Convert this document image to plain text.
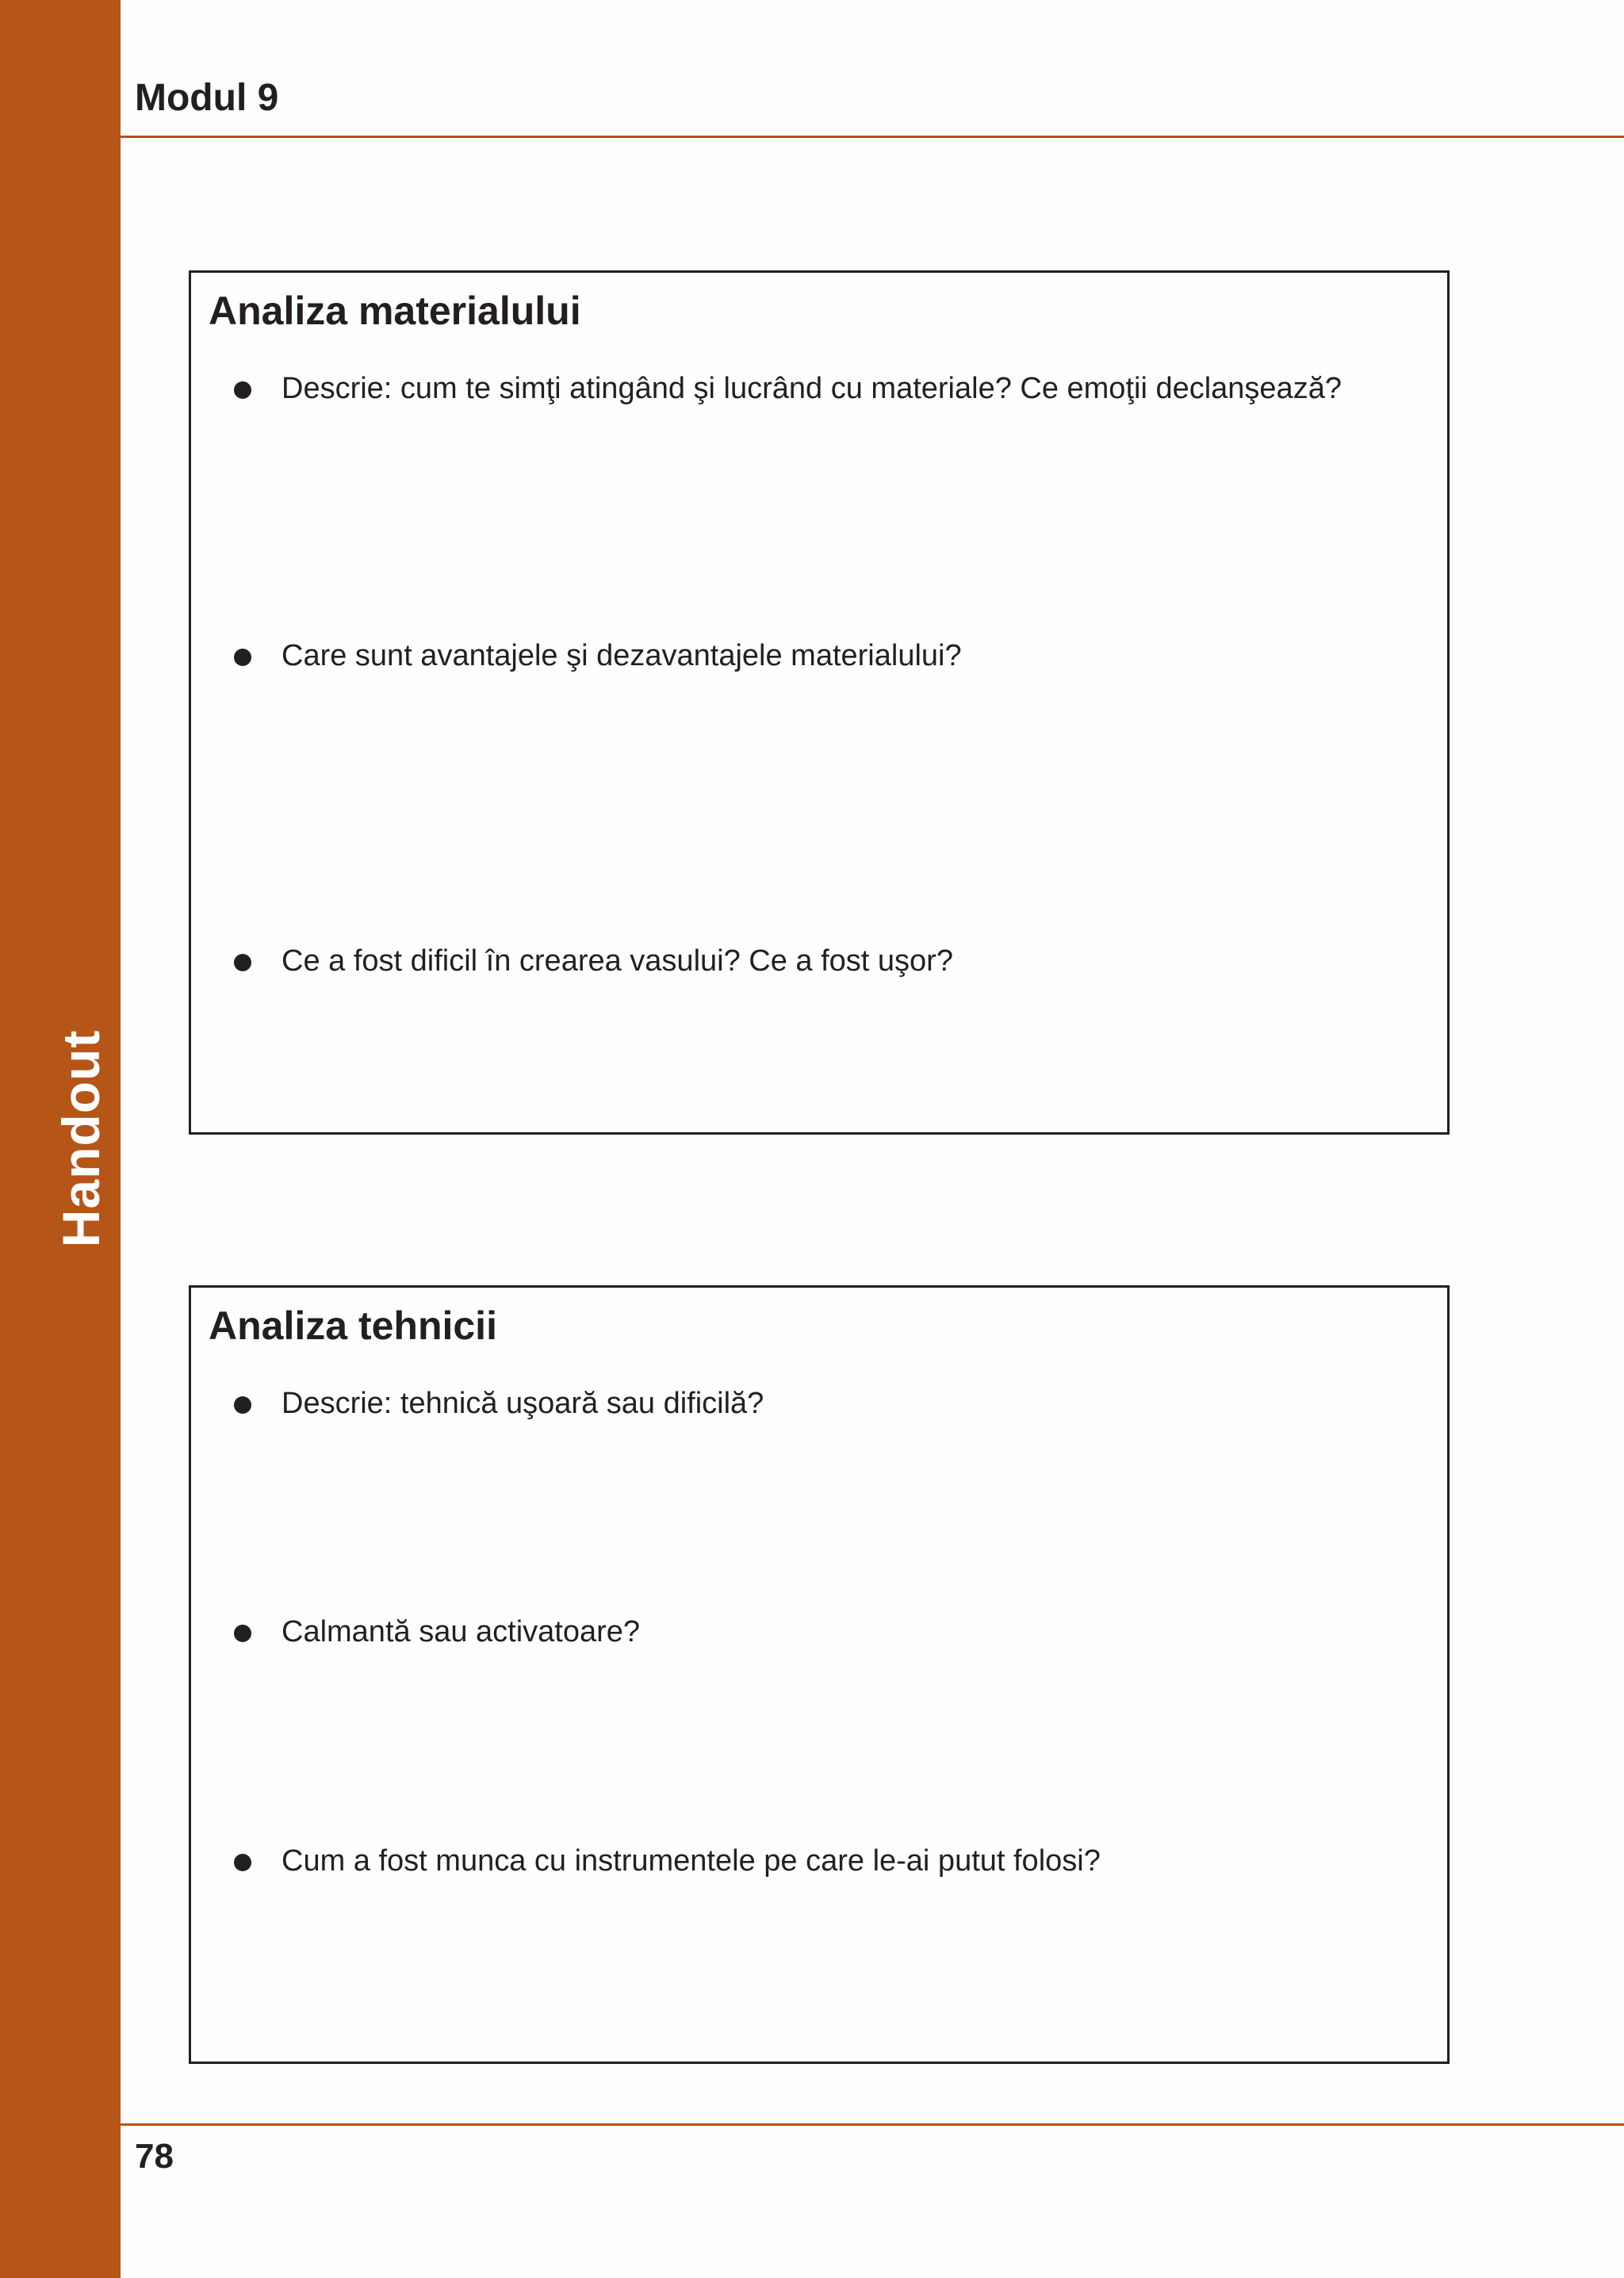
Handout
Modul 9
Analiza materialului
Descrie: cum te simţi atingând şi lucrând cu materiale? Ce emoţii declanşează?
Care sunt avantajele şi dezavantajele materialului?
Ce a fost dificil în crearea vasului? Ce a fost uşor?
Analiza tehnicii
Descrie: tehnică uşoară sau dificilă?
Calmantă sau activatoare?
Cum a fost munca cu instrumentele pe care le-ai putut folosi?
78
